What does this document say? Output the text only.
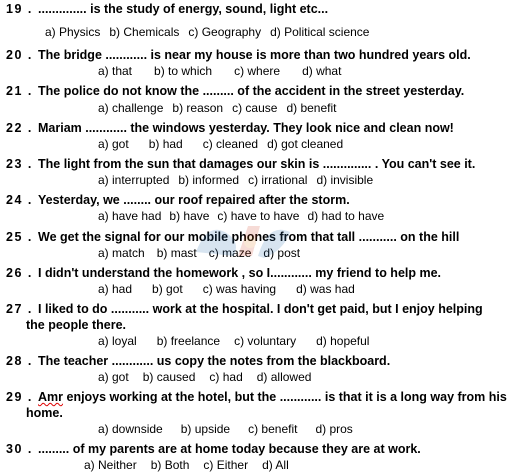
19 . .............. is the study of energy, sound, light etc...
a) Physics b) Chemicals c) Geography d) Political science
20 . The bridge ............ is near my house is more than two hundred years old.
a) that b) to which c) where d) what
21 . The police do not know the ......... of the accident in the street yesterday.
a) challenge b) reason c) cause d) benefit
22 . Mariam ............ the windows yesterday. They look nice and clean now!
a) got b) had c) cleaned d) got cleaned
23 . The light from the sun that damages our skin is .............. . You can't see it.
a) interrupted b) informed c) irrational d) invisible
24 . Yesterday, we ........ our roof repaired after the storm.
a) have had b) have c) have to have d) had to have
25 . We get the signal for our mobile phones from that tall ........... on the hill
a) match b) mast c) maze d) post
26 . I didn't understand the homework , so I............ my friend to help me.
a) had b) got c) was having d) was had
27 . I liked to do ........... work at the hospital. I don't get paid, but I enjoy helping
the people there.
a) loyal b) freelance c) voluntary d) hopeful
28 . The teacher ............ us copy the notes from the blackboard.
a) got b) caused c) had d) allowed
29 . Amr enjoys working at the hotel, but the ............ is that it is a long way from his
home.
a) downside b) upside c) benefit d) pros
30 . ......... of my parents are at home today because they are at work.
a) Neither b) Both c) Either d) All
